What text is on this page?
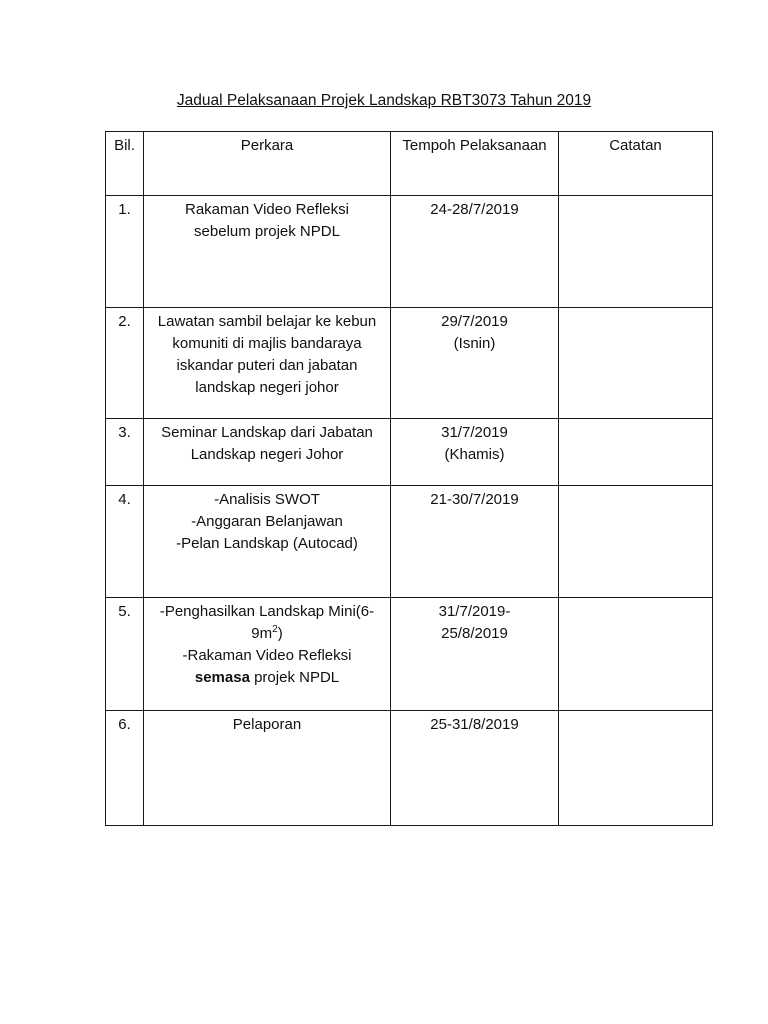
Jadual Pelaksanaan Projek Landskap RBT3073 Tahun 2019
Bil.	Perkara	Tempoh Pelaksanaan	Catatan
1.	Rakaman Video Refleksi
sebelum projek NPDL	24-28/7/2019	

2.	Lawatan sambil belajar ke kebun
komuniti di majlis bandaraya
iskandar puteri dan jabatan
landskap negeri johor	29/7/2019
(Isnin)	

3.	Seminar Landskap dari Jabatan
Landskap negeri Johor	31/7/2019
(Khamis)	

4.	-Analisis SWOT
-Anggaran Belanjawan
-Pelan Landskap (Autocad)	21-30/7/2019	

5.	-Penghasilkan Landskap Mini(6-
$9m^2$)
-Rakaman Video Refleksi
semasa projek NPDL	31/7/2019-
25/8/2019	

6.	Pelaporan	25-31/8/2019	
